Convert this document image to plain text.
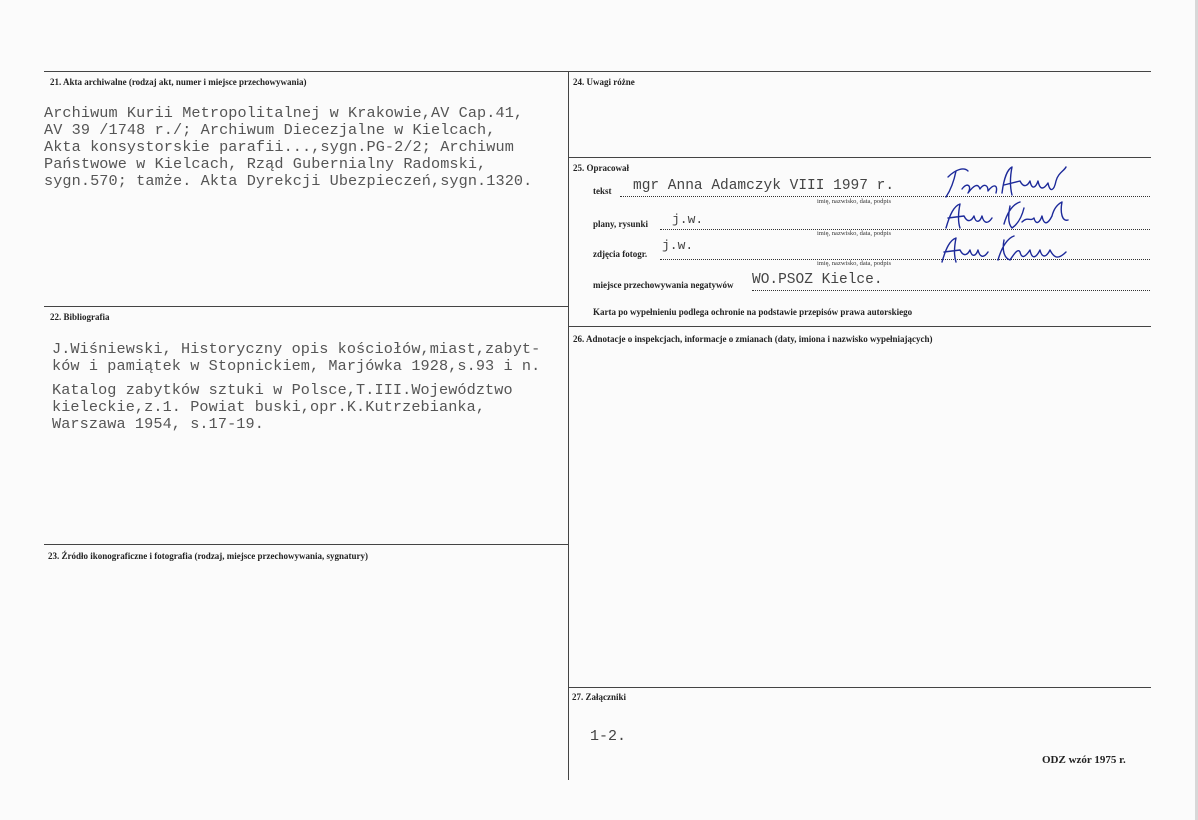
21. Akta archiwalne (rodzaj akt, numer i miejsce przechowywania)
Archiwum Kurii Metropolitalnej w Krakowie,AV Cap.41,
AV 39 /1748 r./; Archiwum Diecezjalne w Kielcach,
Akta konsystorskie parafii...,sygn.PG-2/2; Archiwum
Państwowe w Kielcach, Rząd Gubernialny Radomski,
sygn.570; tamże. Akta Dyrekcji Ubezpieczeń,sygn.1320.
22. Bibliografia
J.Wiśniewski, Historyczny opis kościołów,miast,zabyt-
ków i pamiątek w Stopnickiem, Marjówka 1928,s.93 i n.
Katalog zabytków sztuki w Polsce,T.III.Województwo
kieleckie,z.1. Powiat buski,opr.K.Kutrzebianka,
Warszawa 1954, s.17-19.
23. Źródło ikonograficzne i fotografia (rodzaj, miejsce przechowywania, sygnatury)
24. Uwagi różne
25. Opracował
tekst mgr Anna Adamczyk VIII 1997 r.
imię, nazwisko, data, podpis
plany, rysunki j.w.
imię, nazwisko, data, podpis
zdjęcia fotogr.
j.w.
imię, nazwisko, data, podpis
miejsce przechowywania negatywów WO.PSOZ Kielce.
Karta po wypełnieniu podlega ochronie na podstawie przepisów prawa autorskiego
26. Adnotacje o inspekcjach, informacje o zmianach (daty, imiona i nazwisko wypełniających)
27. Załączniki
1-2.
ODZ wzór 1975 r.
